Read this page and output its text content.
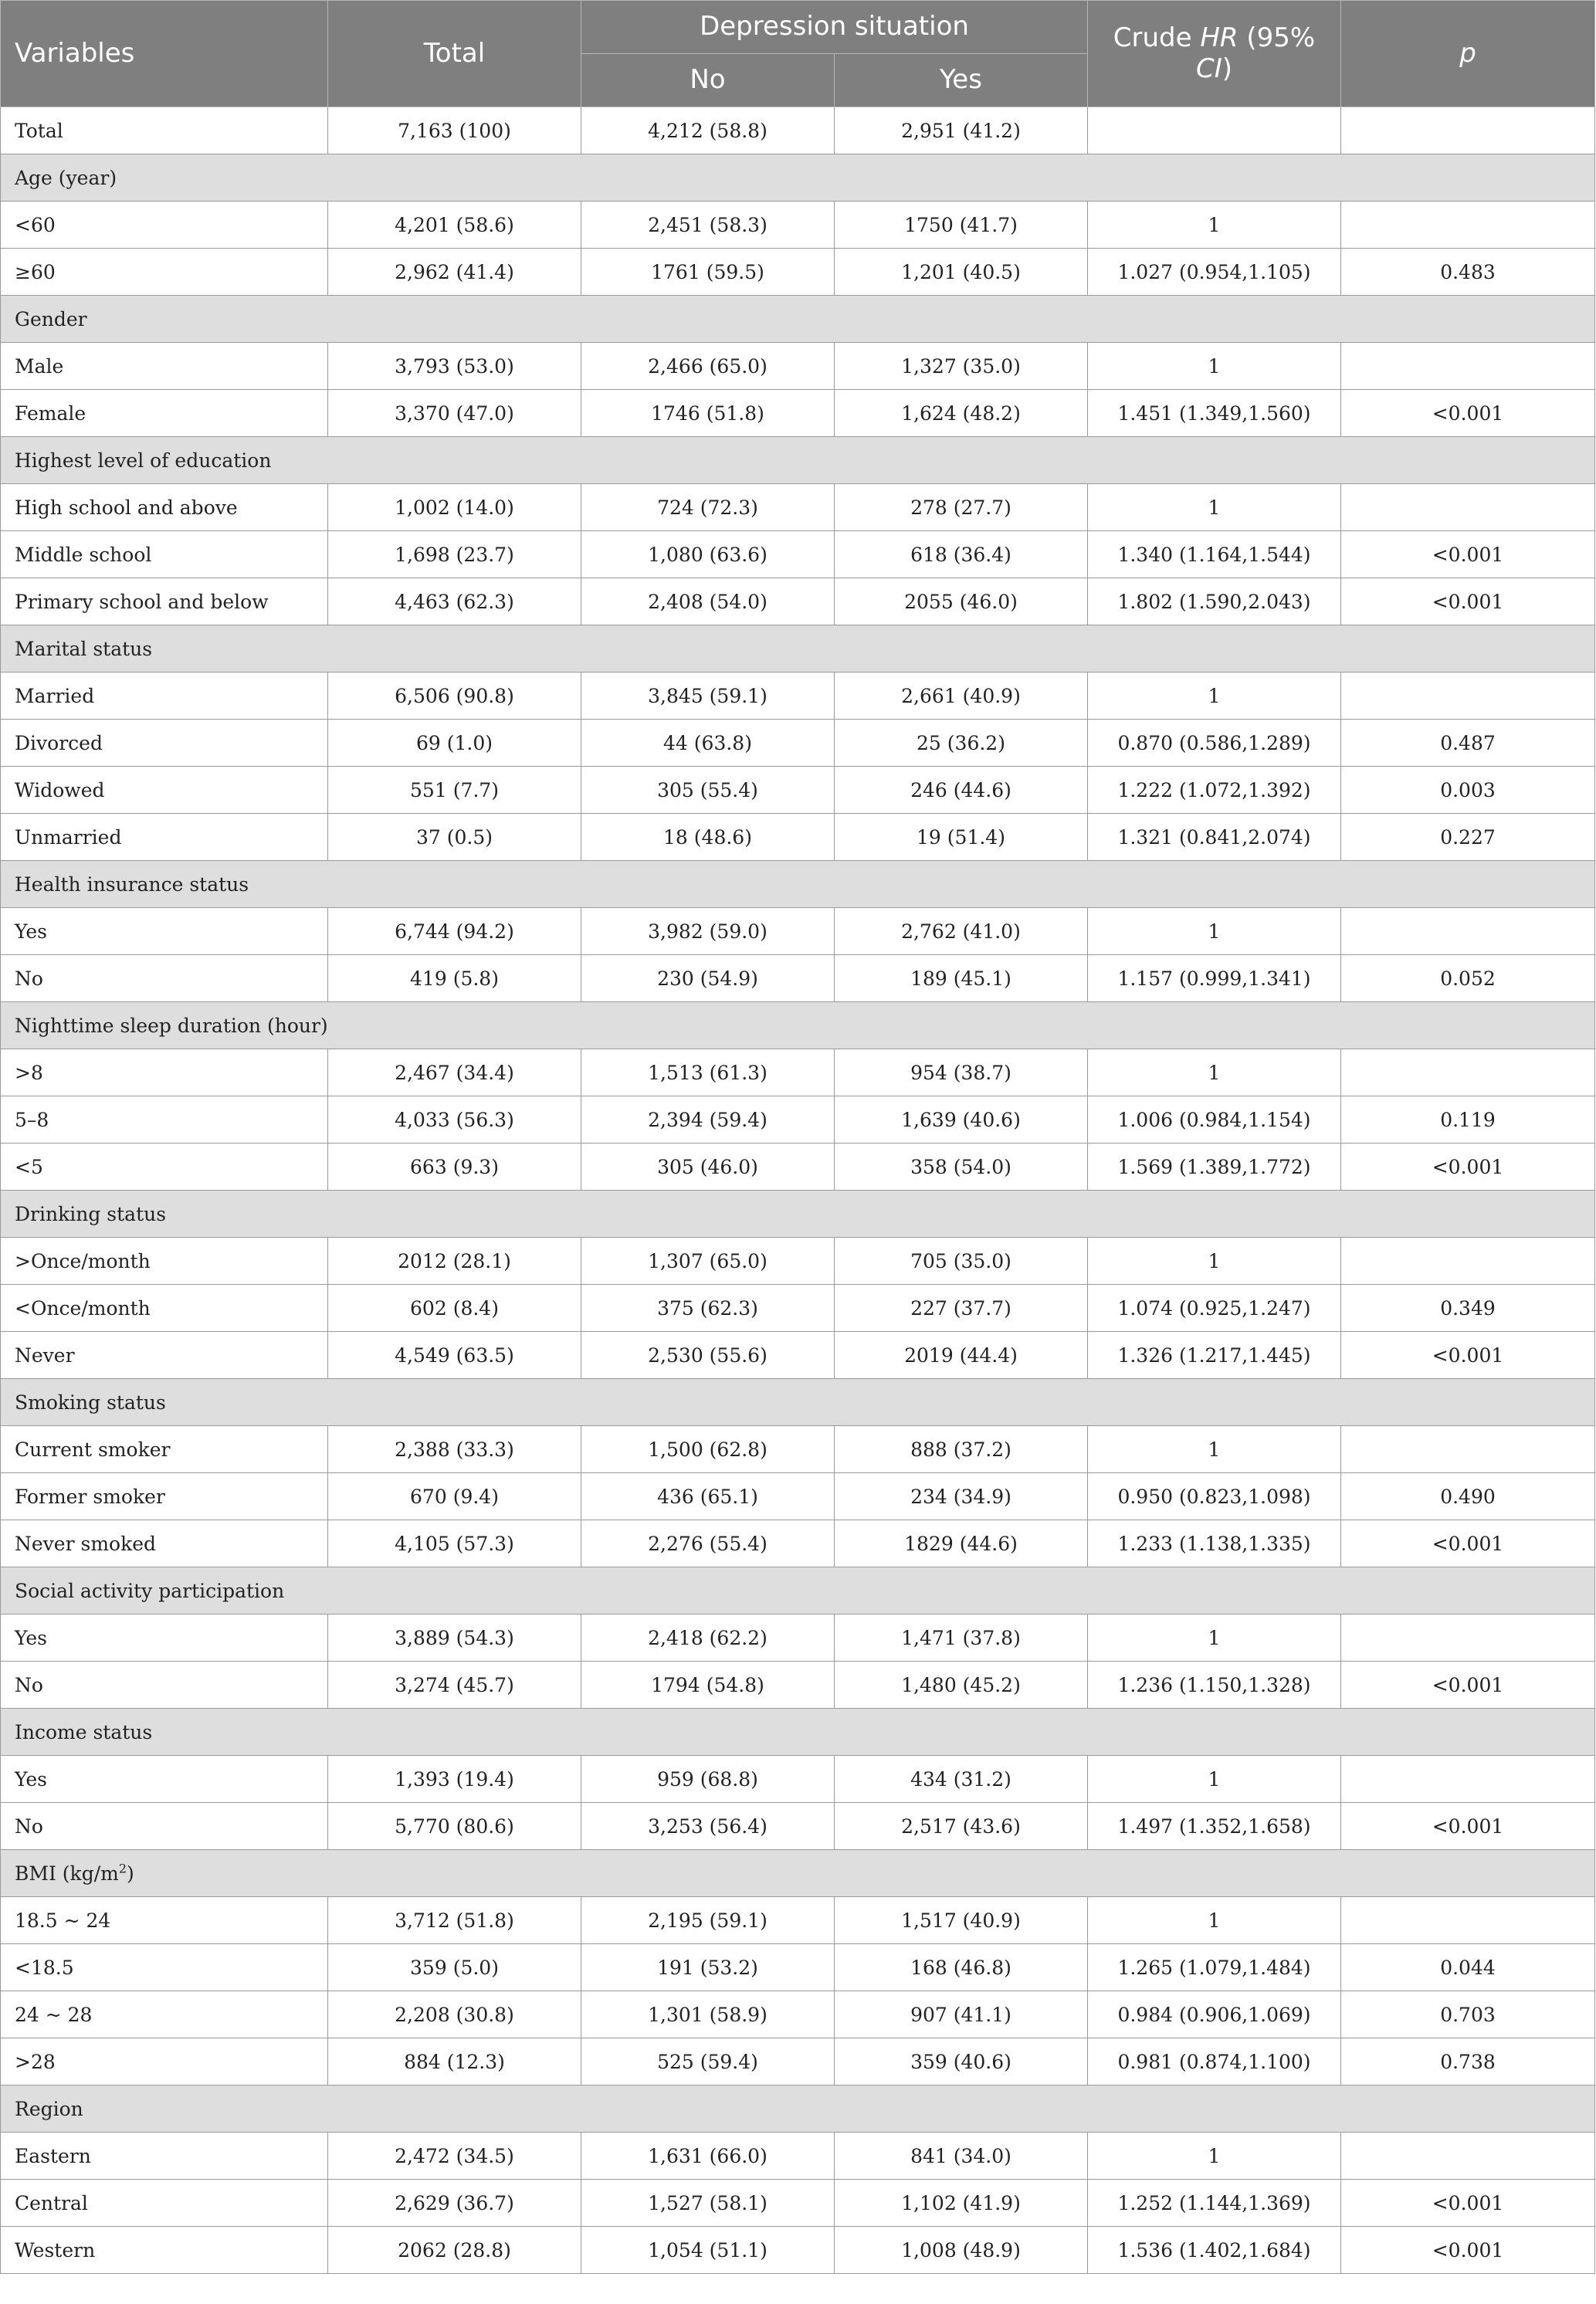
Variables	Total	Depression situation		Crude HR (95% CI)	p
		No	Yes		
Total	7,163 (100)	4,212 (58.8)	2,951 (41.2)		
Age (year)					
<60	4,201 (58.6)	2,451 (58.3)	1750 (41.7)	1	
≥60	2,962 (41.4)	1761 (59.5)	1,201 (40.5)	1.027 (0.954,1.105)	0.483
Gender					
Male	3,793 (53.0)	2,466 (65.0)	1,327 (35.0)	1	
Female	3,370 (47.0)	1746 (51.8)	1,624 (48.2)	1.451 (1.349,1.560)	<0.001
Highest level of education					
High school and above	1,002 (14.0)	724 (72.3)	278 (27.7)	1	
Middle school	1,698 (23.7)	1,080 (63.6)	618 (36.4)	1.340 (1.164,1.544)	<0.001
Primary school and below	4,463 (62.3)	2,408 (54.0)	2055 (46.0)	1.802 (1.590,2.043)	<0.001
Marital status					
Married	6,506 (90.8)	3,845 (59.1)	2,661 (40.9)	1	
Divorced	69 (1.0)	44 (63.8)	25 (36.2)	0.870 (0.586,1.289)	0.487
Widowed	551 (7.7)	305 (55.4)	246 (44.6)	1.222 (1.072,1.392)	0.003
Unmarried	37 (0.5)	18 (48.6)	19 (51.4)	1.321 (0.841,2.074)	0.227
Health insurance status					
Yes	6,744 (94.2)	3,982 (59.0)	2,762 (41.0)	1	
No	419 (5.8)	230 (54.9)	189 (45.1)	1.157 (0.999,1.341)	0.052
Nighttime sleep duration (hour)					
>8	2,467 (34.4)	1,513 (61.3)	954 (38.7)	1	
5–8	4,033 (56.3)	2,394 (59.4)	1,639 (40.6)	1.006 (0.984,1.154)	0.119
<5	663 (9.3)	305 (46.0)	358 (54.0)	1.569 (1.389,1.772)	<0.001
Drinking status					
>Once/month	2012 (28.1)	1,307 (65.0)	705 (35.0)	1	
<Once/month	602 (8.4)	375 (62.3)	227 (37.7)	1.074 (0.925,1.247)	0.349
Never	4,549 (63.5)	2,530 (55.6)	2019 (44.4)	1.326 (1.217,1.445)	<0.001
Smoking status					
Current smoker	2,388 (33.3)	1,500 (62.8)	888 (37.2)	1	
Former smoker	670 (9.4)	436 (65.1)	234 (34.9)	0.950 (0.823,1.098)	0.490
Never smoked	4,105 (57.3)	2,276 (55.4)	1829 (44.6)	1.233 (1.138,1.335)	<0.001
Social activity participation					
Yes	3,889 (54.3)	2,418 (62.2)	1,471 (37.8)	1	
No	3,274 (45.7)	1794 (54.8)	1,480 (45.2)	1.236 (1.150,1.328)	<0.001
Income status					
Yes	1,393 (19.4)	959 (68.8)	434 (31.2)	1	
No	5,770 (80.6)	3,253 (56.4)	2,517 (43.6)	1.497 (1.352,1.658)	<0.001
BMI $(kg/m^2)$					
18.5 ~ 24	3,712 (51.8)	2,195 (59.1)	1,517 (40.9)	1	
<18.5	359 (5.0)	191 (53.2)	168 (46.8)	1.265 (1.079,1.484)	0.044
24 ~ 28	2,208 (30.8)	1,301 (58.9)	907 (41.1)	0.984 (0.906,1.069)	0.703
>28	884 (12.3)	525 (59.4)	359 (40.6)	0.981 (0.874,1.100)	0.738
Region					
Eastern	2,472 (34.5)	1,631 (66.0)	841 (34.0)	1	
Central	2,629 (36.7)	1,527 (58.1)	1,102 (41.9)	1.252 (1.144,1.369)	<0.001
Western	2062 (28.8)	1,054 (51.1)	1,008 (48.9)	1.536 (1.402,1.684)	<0.001
